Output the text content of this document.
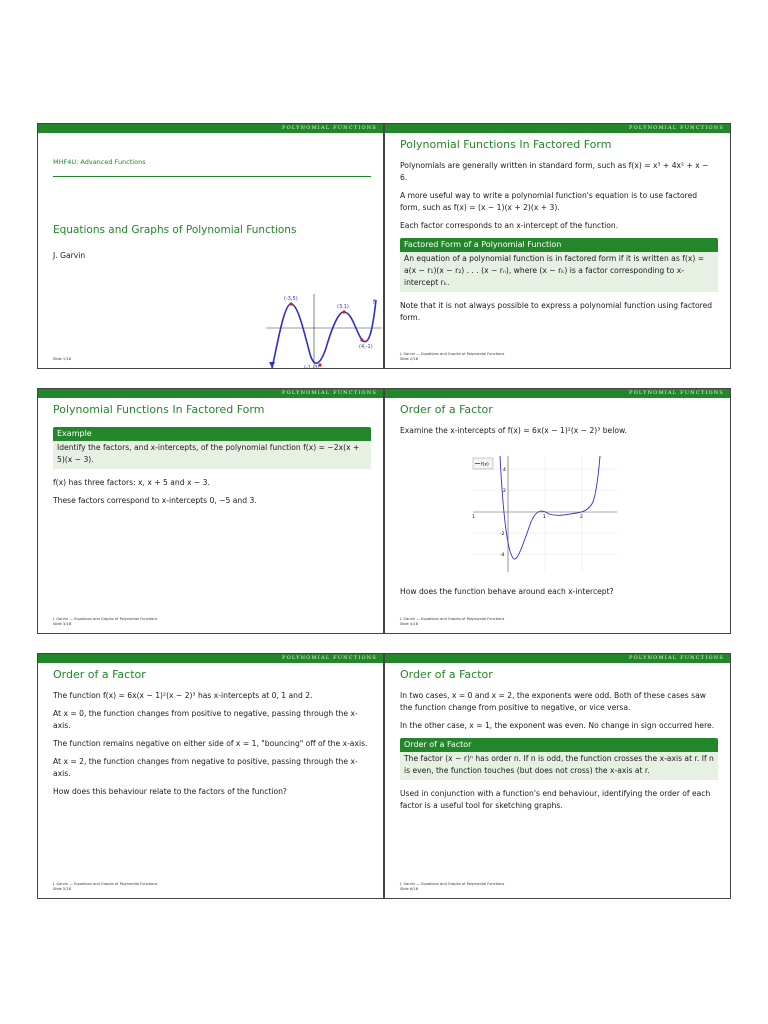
POLYNOMIAL FUNCTIONS
MHF4U: Advanced Functions
Equations and Graphs of Polynomial Functions
J. Garvin
(-3,5)
(3,1)
(4,-1)
(-1,-3)
f
Slide 1/18
POLYNOMIAL FUNCTIONS
Polynomial Functions In Factored Form

Polynomials are generally written in standard form, such as f(x) = x³ + 4x² + x − 6.

A more useful way to write a polynomial function's equation is to use factored form, such as f(x) = (x − 1)(x + 2)(x + 3).

Each factor corresponds to an x-intercept of the function.

Factored Form of a Polynomial Function
An equation of a polynomial function is in factored form if it is written as f(x) = a(x − r₁)(x − r₂) . . . (x − rₙ), where (x − rₖ) is a factor corresponding to x-intercept rₖ.

Note that it is not always possible to express a polynomial function using factored form.

J. Garvin — Equations and Graphs of Polynomial Functions
Slide 2/18
POLYNOMIAL FUNCTIONS
Polynomial Functions In Factored Form
Example
Identify the factors, and x-intercepts, of the polynomial function f(x) = −2x(x + 5)(x − 3).

f(x) has three factors: x, x + 5 and x − 3.

These factors correspond to x-intercepts 0, −5 and 3.

J. Garvin — Equations and Graphs of Polynomial Functions
Slide 3/18
POLYNOMIAL FUNCTIONS
Order of a Factor

Examine the x-intercepts of f(x) = 6x(x − 1)²(x − 2)³ below.

f(x)
4
2
-2
-4
1	1	2

How does the function behave around each x-intercept?

J. Garvin — Equations and Graphs of Polynomial Functions
Slide 4/18
POLYNOMIAL FUNCTIONS
Order of a Factor

The function f(x) = 6x(x − 1)²(x − 2)³ has x-intercepts at 0, 1 and 2.

At x = 0, the function changes from positive to negative, passing through the x-axis.

The function remains negative on either side of x = 1, "bouncing" off of the x-axis.

At x = 2, the function changes from negative to positive, passing through the x-axis.

How does this behaviour relate to the factors of the function?

J. Garvin — Equations and Graphs of Polynomial Functions
Slide 5/18
POLYNOMIAL FUNCTIONS
Order of a Factor

In two cases, x = 0 and x = 2, the exponents were odd. Both of these cases saw the function change from positive to negative, or vice versa.

In the other case, x = 1, the exponent was even. No change in sign occurred here.

Order of a Factor
The factor (x − r)ⁿ has order n. If n is odd, the function crosses the x-axis at r. If n is even, the function touches (but does not cross) the x-axis at r.

Used in conjunction with a function's end behaviour, identifying the order of each factor is a useful tool for sketching graphs.

J. Garvin — Equations and Graphs of Polynomial Functions
Slide 6/18
